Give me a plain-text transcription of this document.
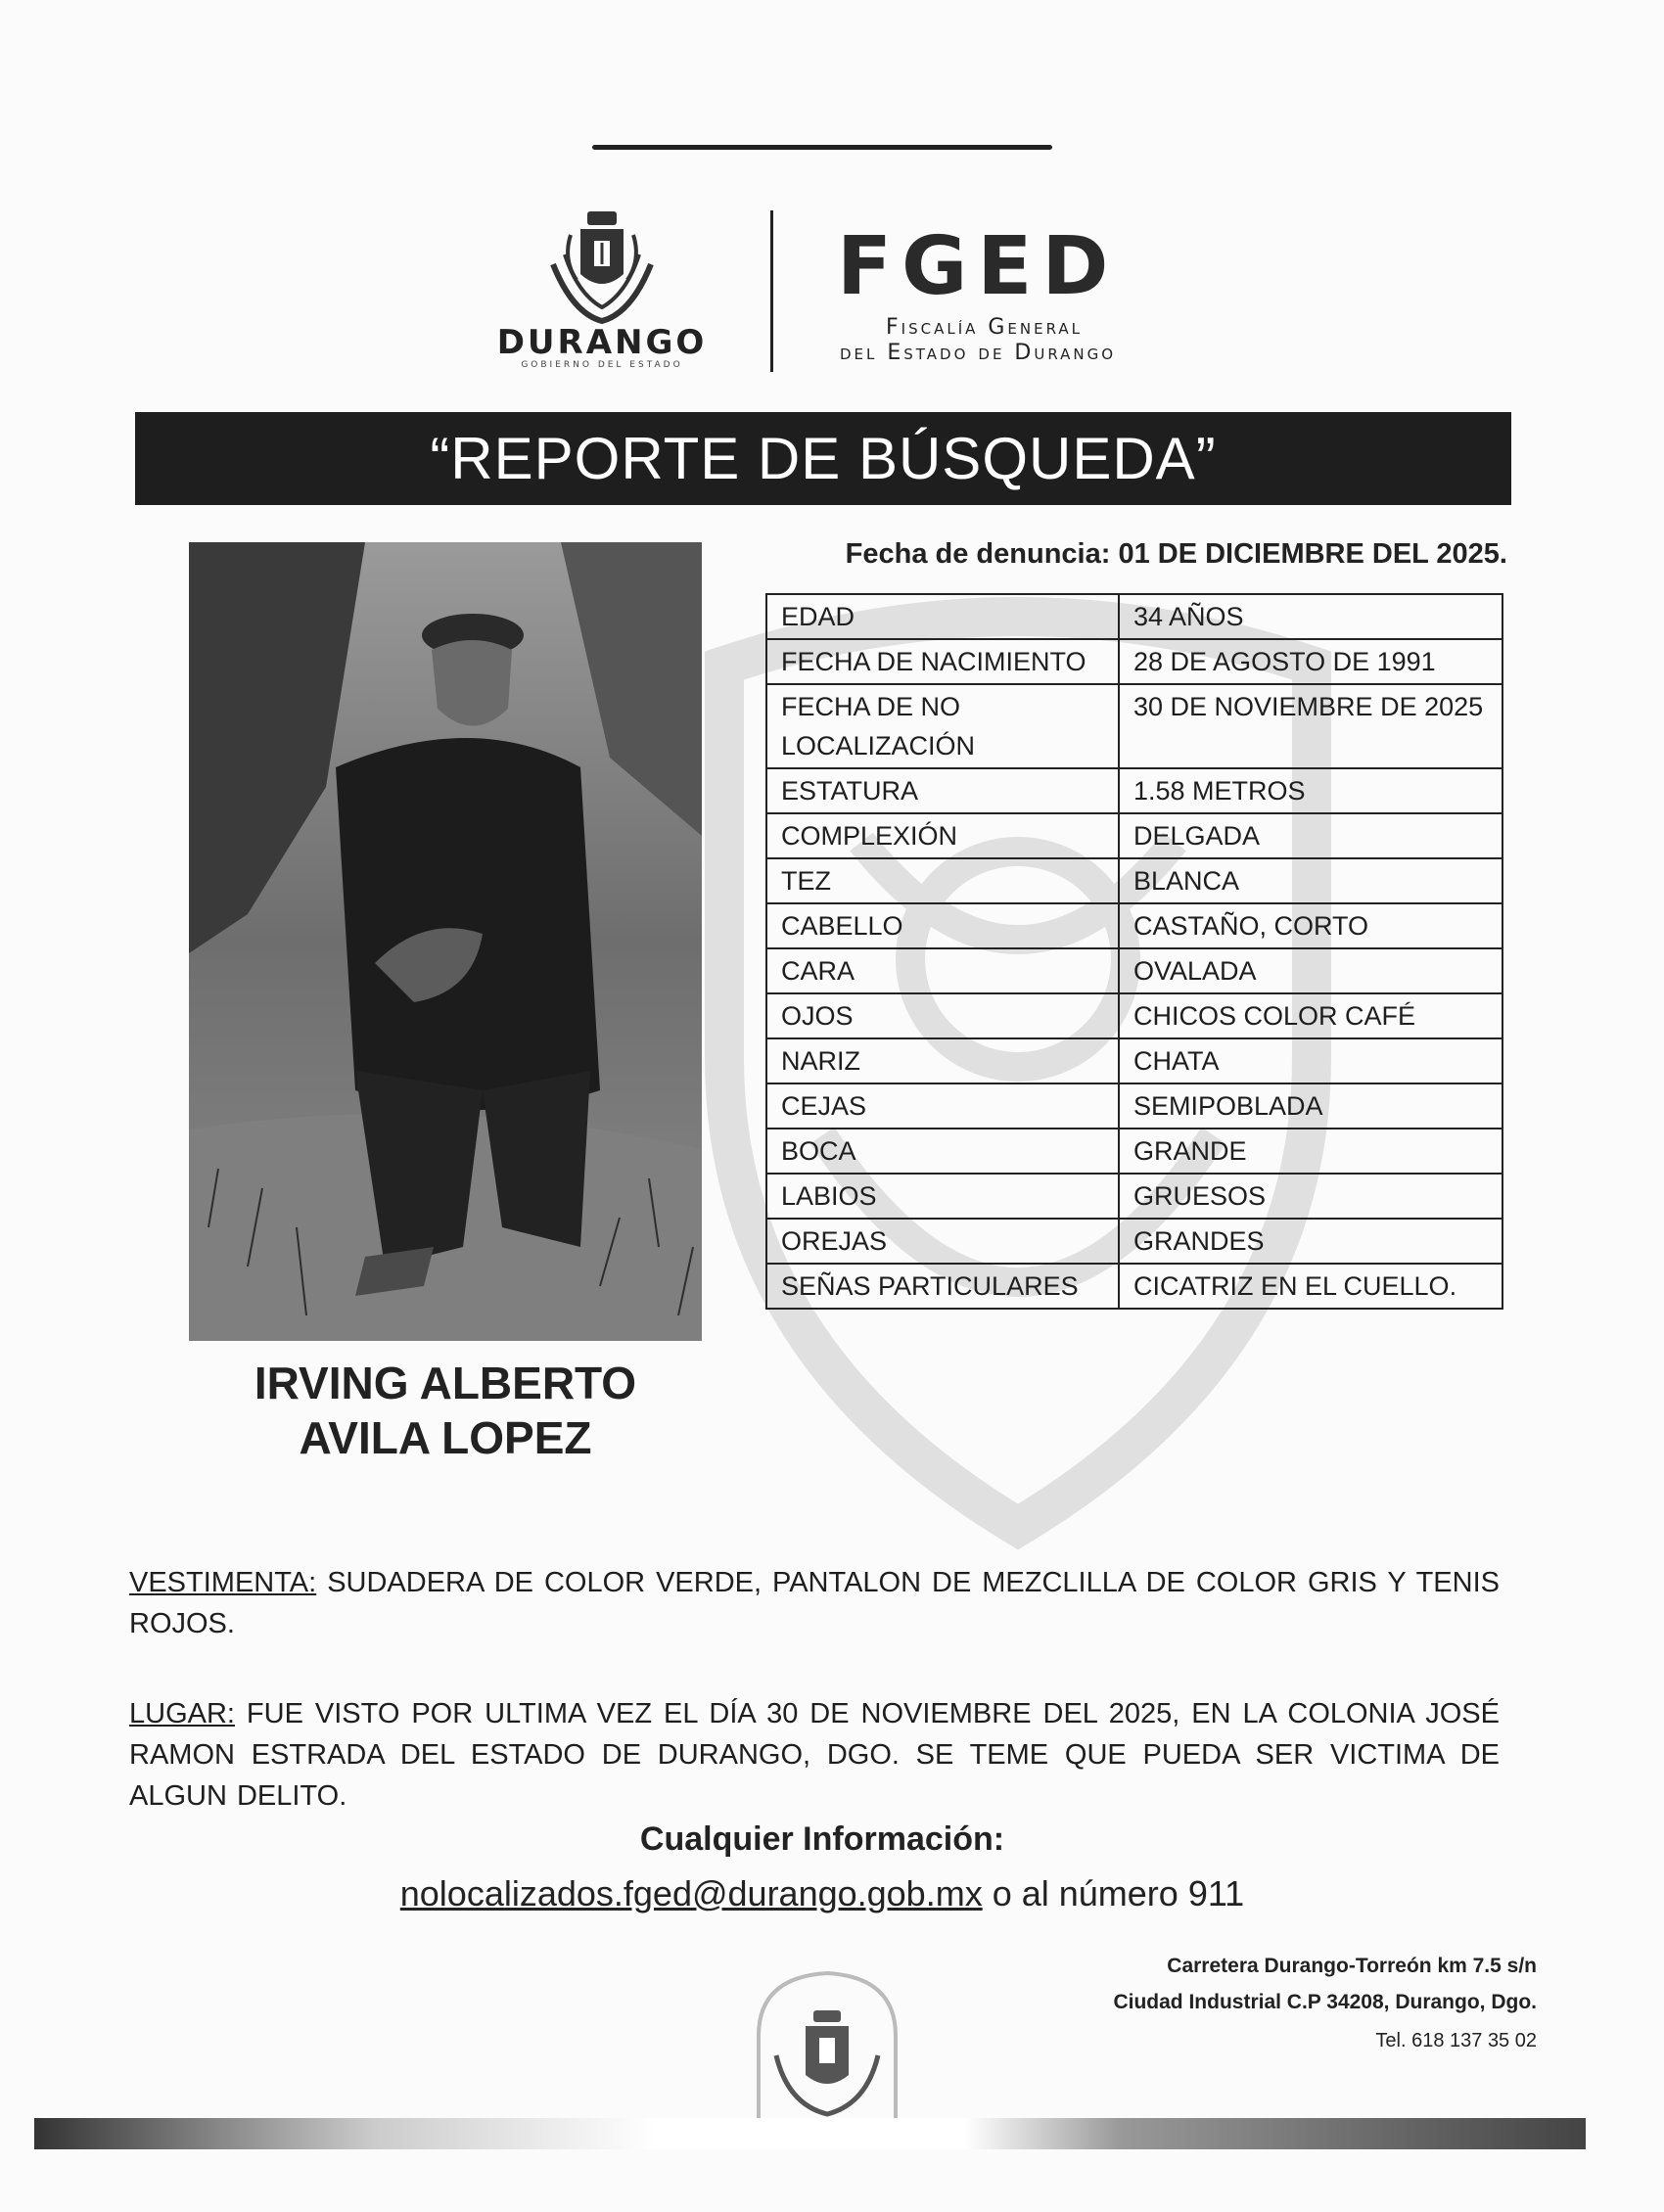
DURANGO
GOBIERNO DEL ESTADO
FGED
Fiscalía General
del Estado de Durango
“REPORTE DE BÚSQUEDA”
IRVING ALBERTO
AVILA LOPEZ
Fecha de denuncia: 01 DE DICIEMBRE DEL 2025.
EDAD	34 AÑOS
FECHA DE NACIMIENTO	28 DE AGOSTO DE 1991
FECHA DE NO LOCALIZACIÓN	30 DE NOVIEMBRE DE 2025
ESTATURA	1.58 METROS
COMPLEXIÓN	DELGADA
TEZ	BLANCA
CABELLO	CASTAÑO, CORTO
CARA	OVALADA
OJOS	CHICOS COLOR CAFÉ
NARIZ	CHATA
CEJAS	SEMIPOBLADA
BOCA	GRANDE
LABIOS	GRUESOS
OREJAS	GRANDES
SEÑAS PARTICULARES	CICATRIZ EN EL CUELLO.
VESTIMENTA: SUDADERA DE COLOR VERDE, PANTALON DE MEZCLILLA DE COLOR GRIS Y TENIS ROJOS.
LUGAR: FUE VISTO POR ULTIMA VEZ EL DÍA 30 DE NOVIEMBRE DEL 2025, EN LA COLONIA JOSÉ RAMON ESTRADA DEL ESTADO DE DURANGO, DGO. SE TEME QUE PUEDA SER VICTIMA DE ALGUN DELITO.
Cualquier Información:
nolocalizados.fged@durango.gob.mx o al número 911
Carretera Durango-Torreón km 7.5 s/n
Ciudad Industrial C.P 34208, Durango, Dgo.
Tel. 618 137 35 02
